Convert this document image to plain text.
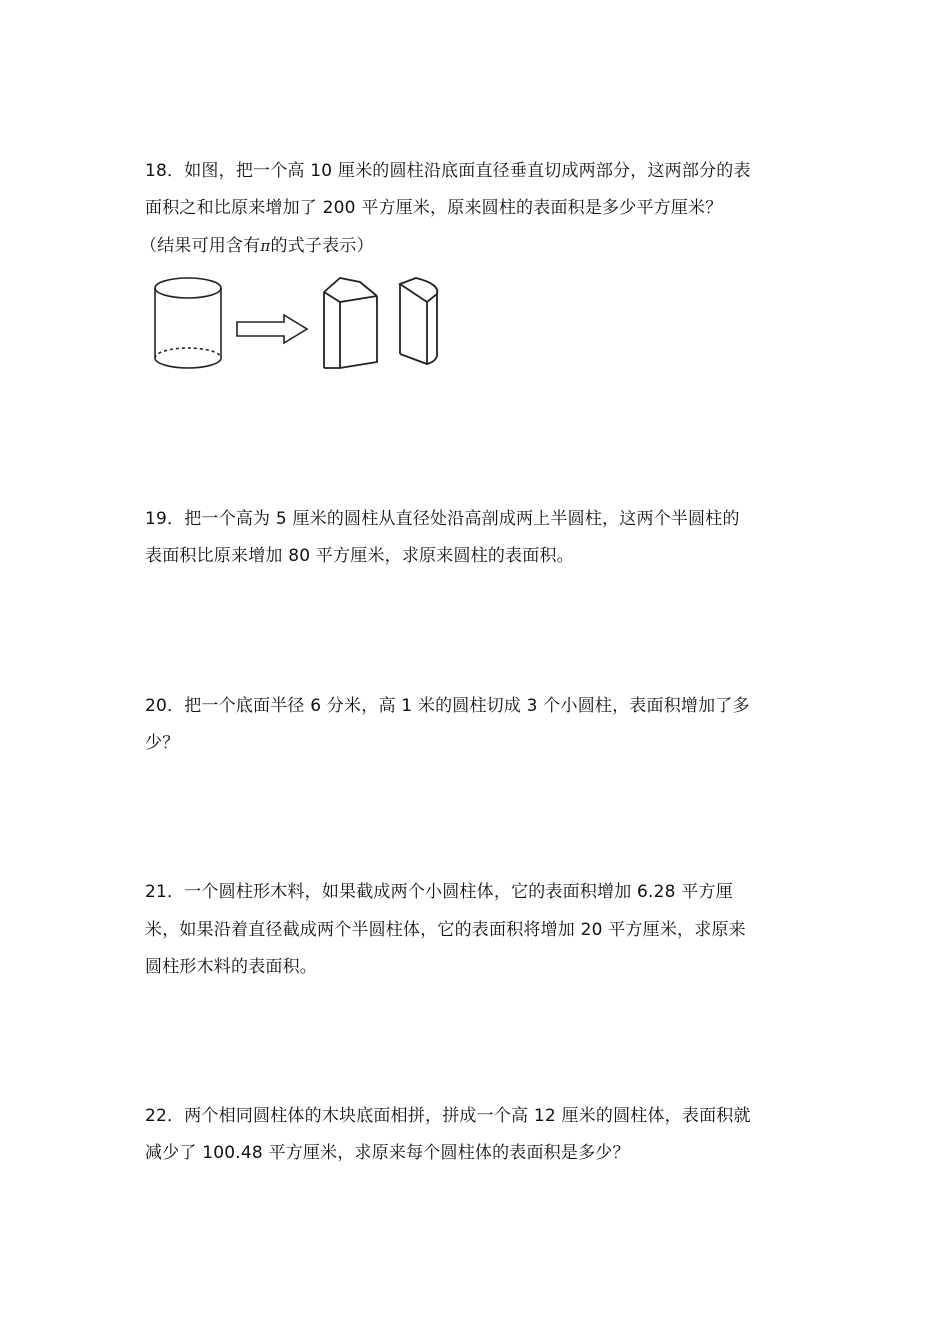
18．如图，把一个高 10 厘米的圆柱沿底面直径垂直切成两部分，这两部分的表
面积之和比原来增加了 200 平方厘米，原来圆柱的表面积是多少平方厘米？
（结果可用含有π的式子表示）
19．把一个高为 5 厘米的圆柱从直径处沿高剖成两上半圆柱，这两个半圆柱的
表面积比原来增加 80 平方厘米，求原来圆柱的表面积。
20．把一个底面半径 6 分米，高 1 米的圆柱切成 3 个小圆柱，表面积增加了多
少？
21．一个圆柱形木料，如果截成两个小圆柱体，它的表面积增加 6.28 平方厘
米，如果沿着直径截成两个半圆柱体，它的表面积将增加 20 平方厘米，求原来
圆柱形木料的表面积。
22．两个相同圆柱体的木块底面相拼，拼成一个高 12 厘米的圆柱体，表面积就
减少了 100.48 平方厘米，求原来每个圆柱体的表面积是多少？
